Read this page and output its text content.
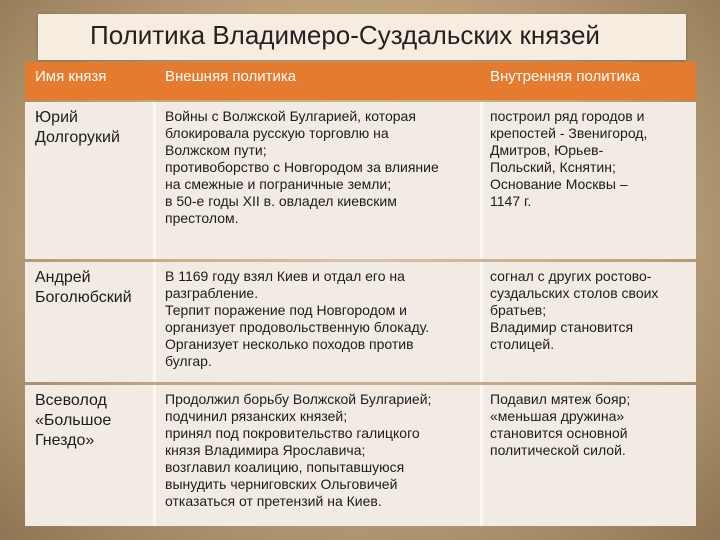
Политика Владимеро-Суздальских князей
Имя князя	Внешняя политика	Внутренняя политика
Юрий
Долгорукий
Войны с Волжской Булгарией, которая
блокировала русскую торговлю на
Волжском пути;
противоборство с Новгородом за влияние
на смежные и пограничные земли;
в 50-е годы XII в. овладел киевским
престолом.
построил ряд городов и
крепостей - Звенигород,
Дмитров, Юрьев-
Польский, Кснятин;
Основание Москвы –
1147 г.
Андрей
Боголюбский
В 1169 году взял Киев и отдал его на
разграбление.
Терпит поражение под Новгородом и
организует продовольственную блокаду.
Организует несколько походов против
булгар.
согнал с других ростово-
суздальских столов своих
братьев;
Владимир становится
столицей.
Всеволод
«Большое
Гнездо»
Продолжил борьбу Волжской Булгарией;
подчинил рязанских князей;
принял под покровительство галицкого
князя Владимира Ярославича;
возглавил коалицию, попытавшуюся
вынудить черниговских Ольговичей
отказаться от претензий на Киев.
Подавил мятеж бояр;
«меньшая дружина»
становится основной
политической силой.
